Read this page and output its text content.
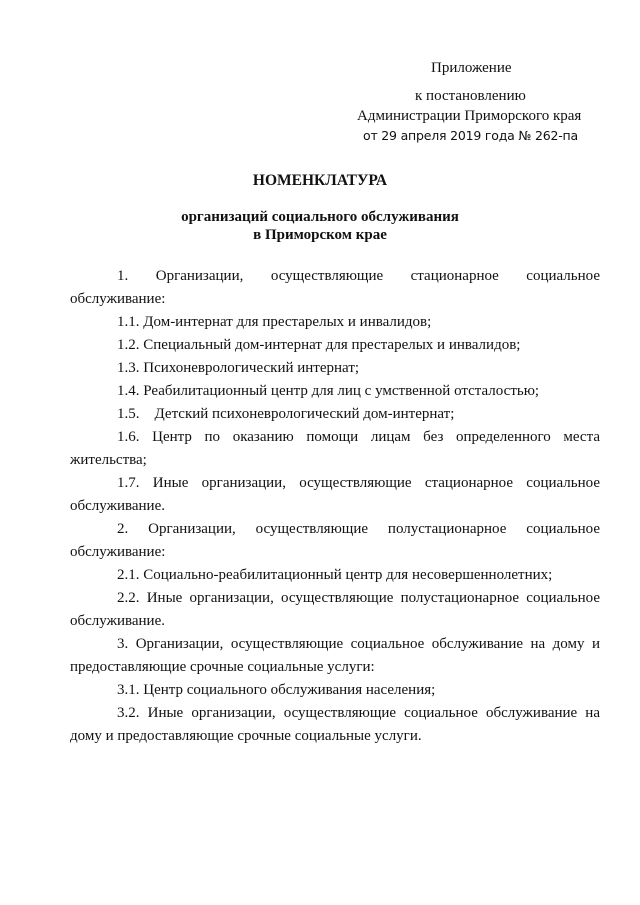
Приложение
к постановлению
Администрации Приморского края
от 29 апреля 2019 года № 262-па
НОМЕНКЛАТУРА
организаций социального обслуживания
в Приморском крае

1. Организации, осуществляющие стационарное социальное
обслуживание:

1.1. Дом-интернат для престарелых и инвалидов;

1.2. Специальный дом-интернат для престарелых и инвалидов;

1.3. Психоневрологический интернат;

1.4. Реабилитационный центр для лиц с умственной отсталостью;

1.5.    Детский психоневрологический дом-интернат;

1.6. Центр по оказанию помощи лицам без определенного места
жительства;

1.7. Иные организации, осуществляющие стационарное социальное
обслуживание.

2. Организации, осуществляющие полустационарное социальное
обслуживание:

2.1. Социально-реабилитационный центр для несовершеннолетних;

2.2. Иные организации, осуществляющие полустационарное социальное
обслуживание.

3. Организации, осуществляющие социальное обслуживание на дому и
предоставляющие срочные социальные услуги:

3.1. Центр социального обслуживания населения;

3.2. Иные организации, осуществляющие социальное обслуживание на
дому и предоставляющие срочные социальные услуги.
